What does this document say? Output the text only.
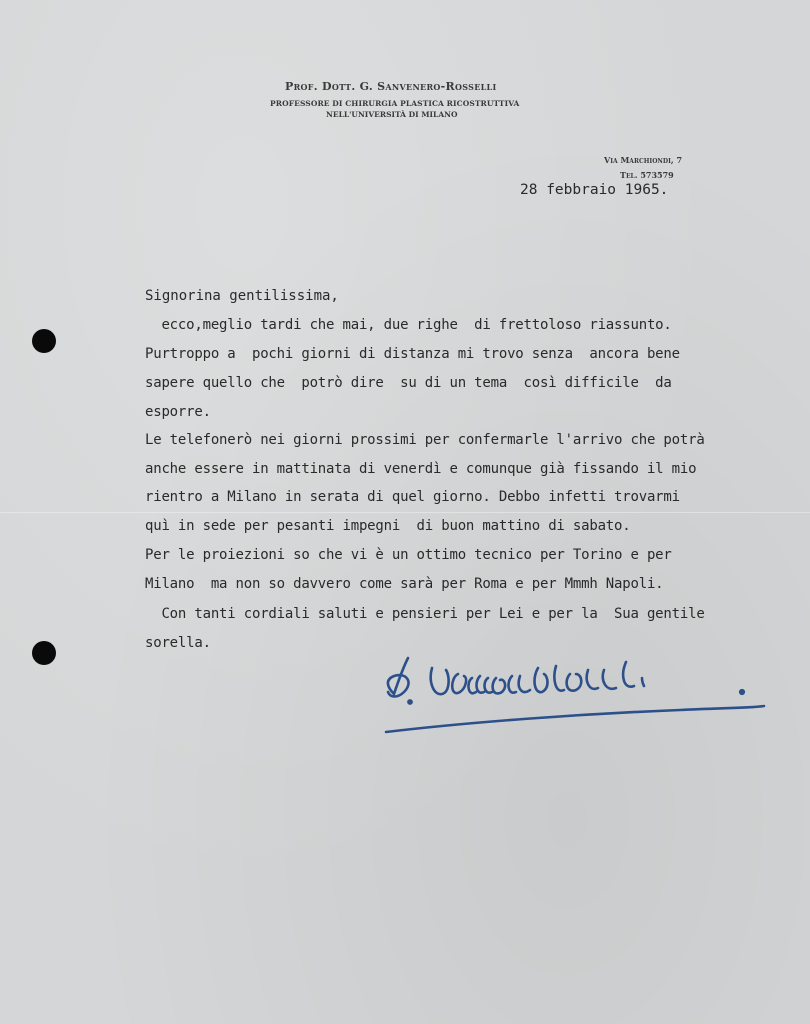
Prof. Dott. G. Sanvenero-Rosselli
PROFESSORE DI CHIRURGIA PLASTICA RICOSTRUTTIVA
NELL'UNIVERSITÀ DI MILANO
Via Marchiondi, 7
Tel. 573579
28 febbraio 1965.
Signorina gentilissima,
ecco,meglio tardi che mai, due righe  di frettoloso riassunto.
Purtroppo a  pochi giorni di distanza mi trovo senza  ancora bene
sapere quello che  potrò dire  su di un tema  così difficile  da
esporre.
Le telefonerò nei giorni prossimi per confermarle l'arrivo che potrà
anche essere in mattinata di venerdì e comunque già fissando il mio
rientro a Milano in serata di quel giorno. Debbo infetti trovarmi
quì in sede per pesanti impegni  di buon mattino di sabato.
Per le proiezioni so che vi è un ottimo tecnico per Torino e per
Milano  ma non so davvero come sarà per Roma e per Mmmh Napoli.
Con tanti cordiali saluti e pensieri per Lei e per la  Sua gentile
sorella.
